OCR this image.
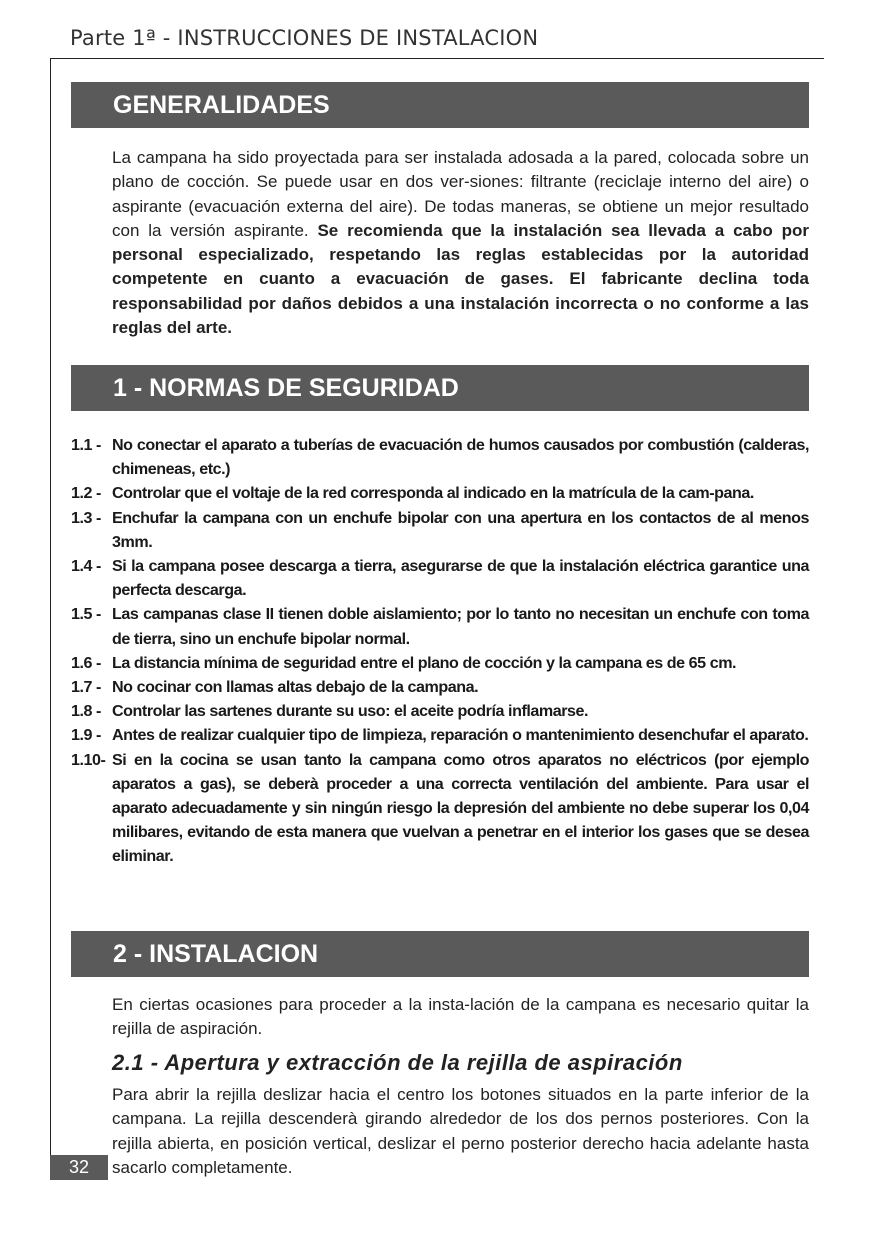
Parte 1ª - INSTRUCCIONES DE INSTALACION
GENERALIDADES
La campana ha sido proyectada para ser instalada adosada a la pared, colocada sobre un plano de cocción. Se puede usar en dos ver-siones: filtrante (reciclaje interno del aire) o aspirante (evacuación externa del aire). De todas maneras, se obtiene un mejor resultado con la versión aspirante. Se recomienda que la instalación sea llevada a cabo por personal especializado, respetando las reglas establecidas por la autoridad competente en cuanto a evacuación de gases. El fabricante declina toda responsabilidad por daños debidos a una instalación incorrecta o no conforme a las reglas del arte.
1 - NORMAS DE SEGURIDAD
1.1 - No conectar el aparato a tuberías de evacuación de humos causados por combustión (calderas, chimeneas, etc.)
1.2 - Controlar que el voltaje de la red corresponda al indicado en la matrícula de la cam-pana.
1.3 - Enchufar la campana con un enchufe bipolar con una apertura en los contactos de al menos 3mm.
1.4 - Si la campana posee descarga a tierra, asegurarse de que la instalación eléctrica garantice una perfecta descarga.
1.5 - Las campanas clase II tienen doble aislamiento; por lo tanto no necesitan un enchufe con toma de tierra, sino un enchufe bipolar normal.
1.6 - La distancia mínima de seguridad entre el plano de cocción y la campana es de 65 cm.
1.7 - No cocinar con llamas altas debajo de la campana.
1.8 - Controlar las sartenes durante su uso: el aceite podría inflamarse.
1.9 - Antes de realizar cualquier tipo de limpieza, reparación o mantenimiento desenchufar el aparato.
1.10- Si en la cocina se usan tanto la campana como otros aparatos no eléctricos (por ejemplo aparatos a gas), se deberà proceder a una correcta ventilación del ambiente. Para usar el aparato adecuadamente y sin ningún riesgo la depresión del ambiente no debe superar los 0,04 milibares, evitando de esta manera que vuelvan a penetrar en el interior los gases que se desea eliminar.
2 - INSTALACION
En ciertas ocasiones para proceder a la insta-lación de la campana es necesario quitar la rejilla de aspiración.
2.1 - Apertura y extracción de la rejilla de aspiración
Para abrir la rejilla deslizar hacia el centro los botones situados en la parte inferior de la campana. La rejilla descenderà girando alrededor de los dos pernos posteriores. Con la rejilla abierta, en posición vertical, deslizar el perno posterior derecho hacia adelante hasta sacarlo completamente.
32
